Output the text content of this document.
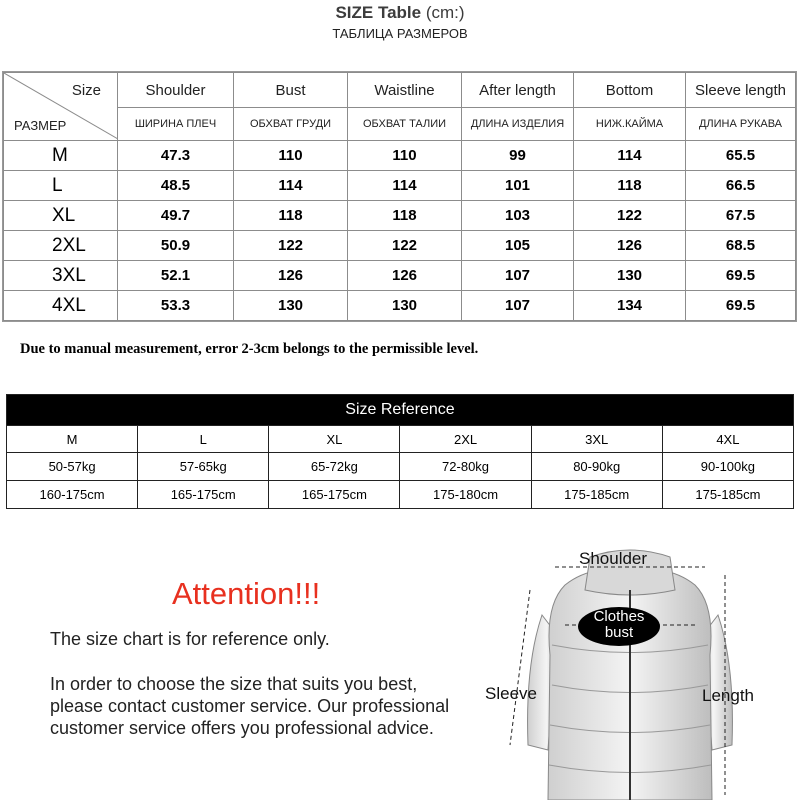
SIZE Table (cm:)
ТАБЛИЦА РАЗМЕРОВ
Size
РАЗМЕР	Shoulder	Bust	Waistline	After length	Bottom	Sleeve length
	ШИРИНА ПЛЕЧ	ОБХВАТ ГРУДИ	ОБХВАТ ТАЛИИ	ДЛИНА ИЗДЕЛИЯ	НИЖ.КАЙМА	ДЛИНА РУКАВА
M	47.3	110	110	99	114	65.5
L	48.5	114	114	101	118	66.5
XL	49.7	118	118	103	122	67.5
2XL	50.9	122	122	105	126	68.5
3XL	52.1	126	126	107	130	69.5
4XL	53.3	130	130	107	134	69.5
Due to manual measurement, error 2-3cm belongs to the permissible level.
Size Reference					
M	L	XL	2XL	3XL	4XL
50-57kg	57-65kg	65-72kg	72-80kg	80-90kg	90-100kg
160-175cm	165-175cm	165-175cm	175-180cm	175-185cm	175-185cm
Attention!!!
The size chart is for reference only.
In order to choose the size that suits you best, please contact customer service. Our professional customer service offers you professional advice.
Shoulder
Clothes bust
Sleeve	Length
